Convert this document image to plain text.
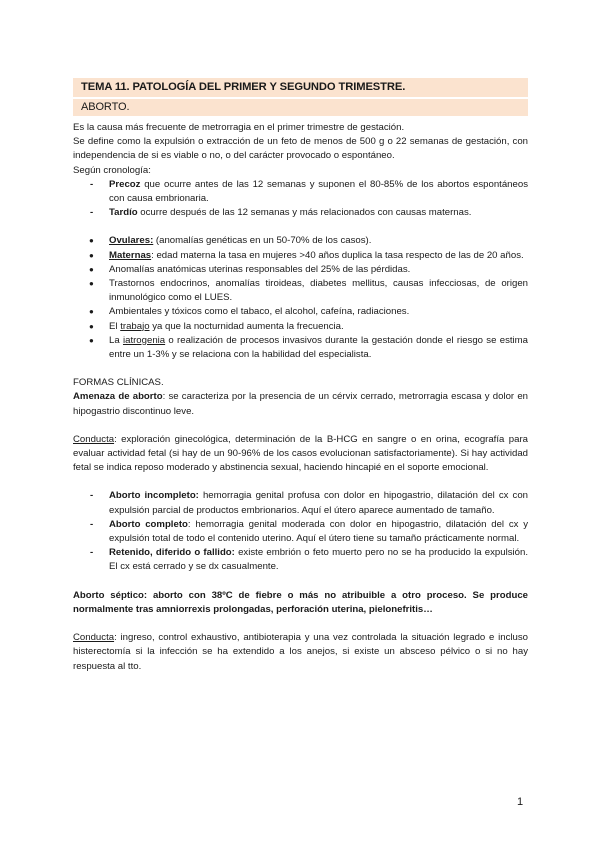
TEMA 11. PATOLOGÍA DEL PRIMER Y SEGUNDO TRIMESTRE.
ABORTO.

Es la causa más frecuente de metrorragia en el primer trimestre de gestación.

Se define como la expulsión o extracción de un feto de menos de 500 g o 22 semanas de gestación, con independencia de si es viable o no, o del carácter provocado o espontáneo.

Según cronología:

- Precoz que ocurre antes de las 12 semanas y suponen el 80-85% de los abortos espontáneos con causa embrionaria.
- Tardío ocurre después de las 12 semanas y más relacionados con causas maternas.
● Ovulares: (anomalías genéticas en un 50-70% de los casos).
● Maternas: edad materna la tasa en mujeres >40 años duplica la tasa respecto de las de 20 años.
● Anomalías anatómicas uterinas responsables del 25% de las pérdidas.
● Trastornos endocrinos, anomalías tiroideas, diabetes mellitus, causas infecciosas, de origen inmunológico como el LUES.
● Ambientales y tóxicos como el tabaco, el alcohol, cafeína, radiaciones.
● El trabajo ya que la nocturnidad aumenta la frecuencia.
● La iatrogenia o realización de procesos invasivos durante la gestación donde el riesgo se estima entre un 1-3% y se relaciona con la habilidad del especialista.

FORMAS CLÍNICAS.

Amenaza de aborto: se caracteriza por la presencia de un cérvix cerrado, metrorragia escasa y dolor en hipogastrio discontinuo leve.

Conducta: exploración ginecológica, determinación de la B-HCG en sangre o en orina, ecografía para evaluar actividad fetal (si hay de un 90-96% de los casos evolucionan satisfactoriamente). Si hay actividad fetal se indica reposo moderado y abstinencia sexual, haciendo hincapié en el soporte emocional.

- Aborto incompleto: hemorragia genital profusa con dolor en hipogastrio, dilatación del cx con expulsión parcial de productos embrionarios. Aquí el útero aparece aumentado de tamaño.
- Aborto completo: hemorragia genital moderada con dolor en hipogastrio, dilatación del cx y expulsión total de todo el contenido uterino. Aquí el útero tiene su tamaño prácticamente normal.
- Retenido, diferido o fallido: existe embrión o feto muerto pero no se ha producido la expulsión. El cx está cerrado y se dx casualmente.

Aborto séptico: aborto con 38ºC de fiebre o más no atribuible a otro proceso. Se produce normalmente tras amniorrexis prolongadas, perforación uterina, pielonefritis…

Conducta: ingreso, control exhaustivo, antibioterapia y una vez controlada la situación legrado e incluso histerectomía si la infección se ha extendido a los anejos, si existe un absceso pélvico o si no hay respuesta al tto.

1
